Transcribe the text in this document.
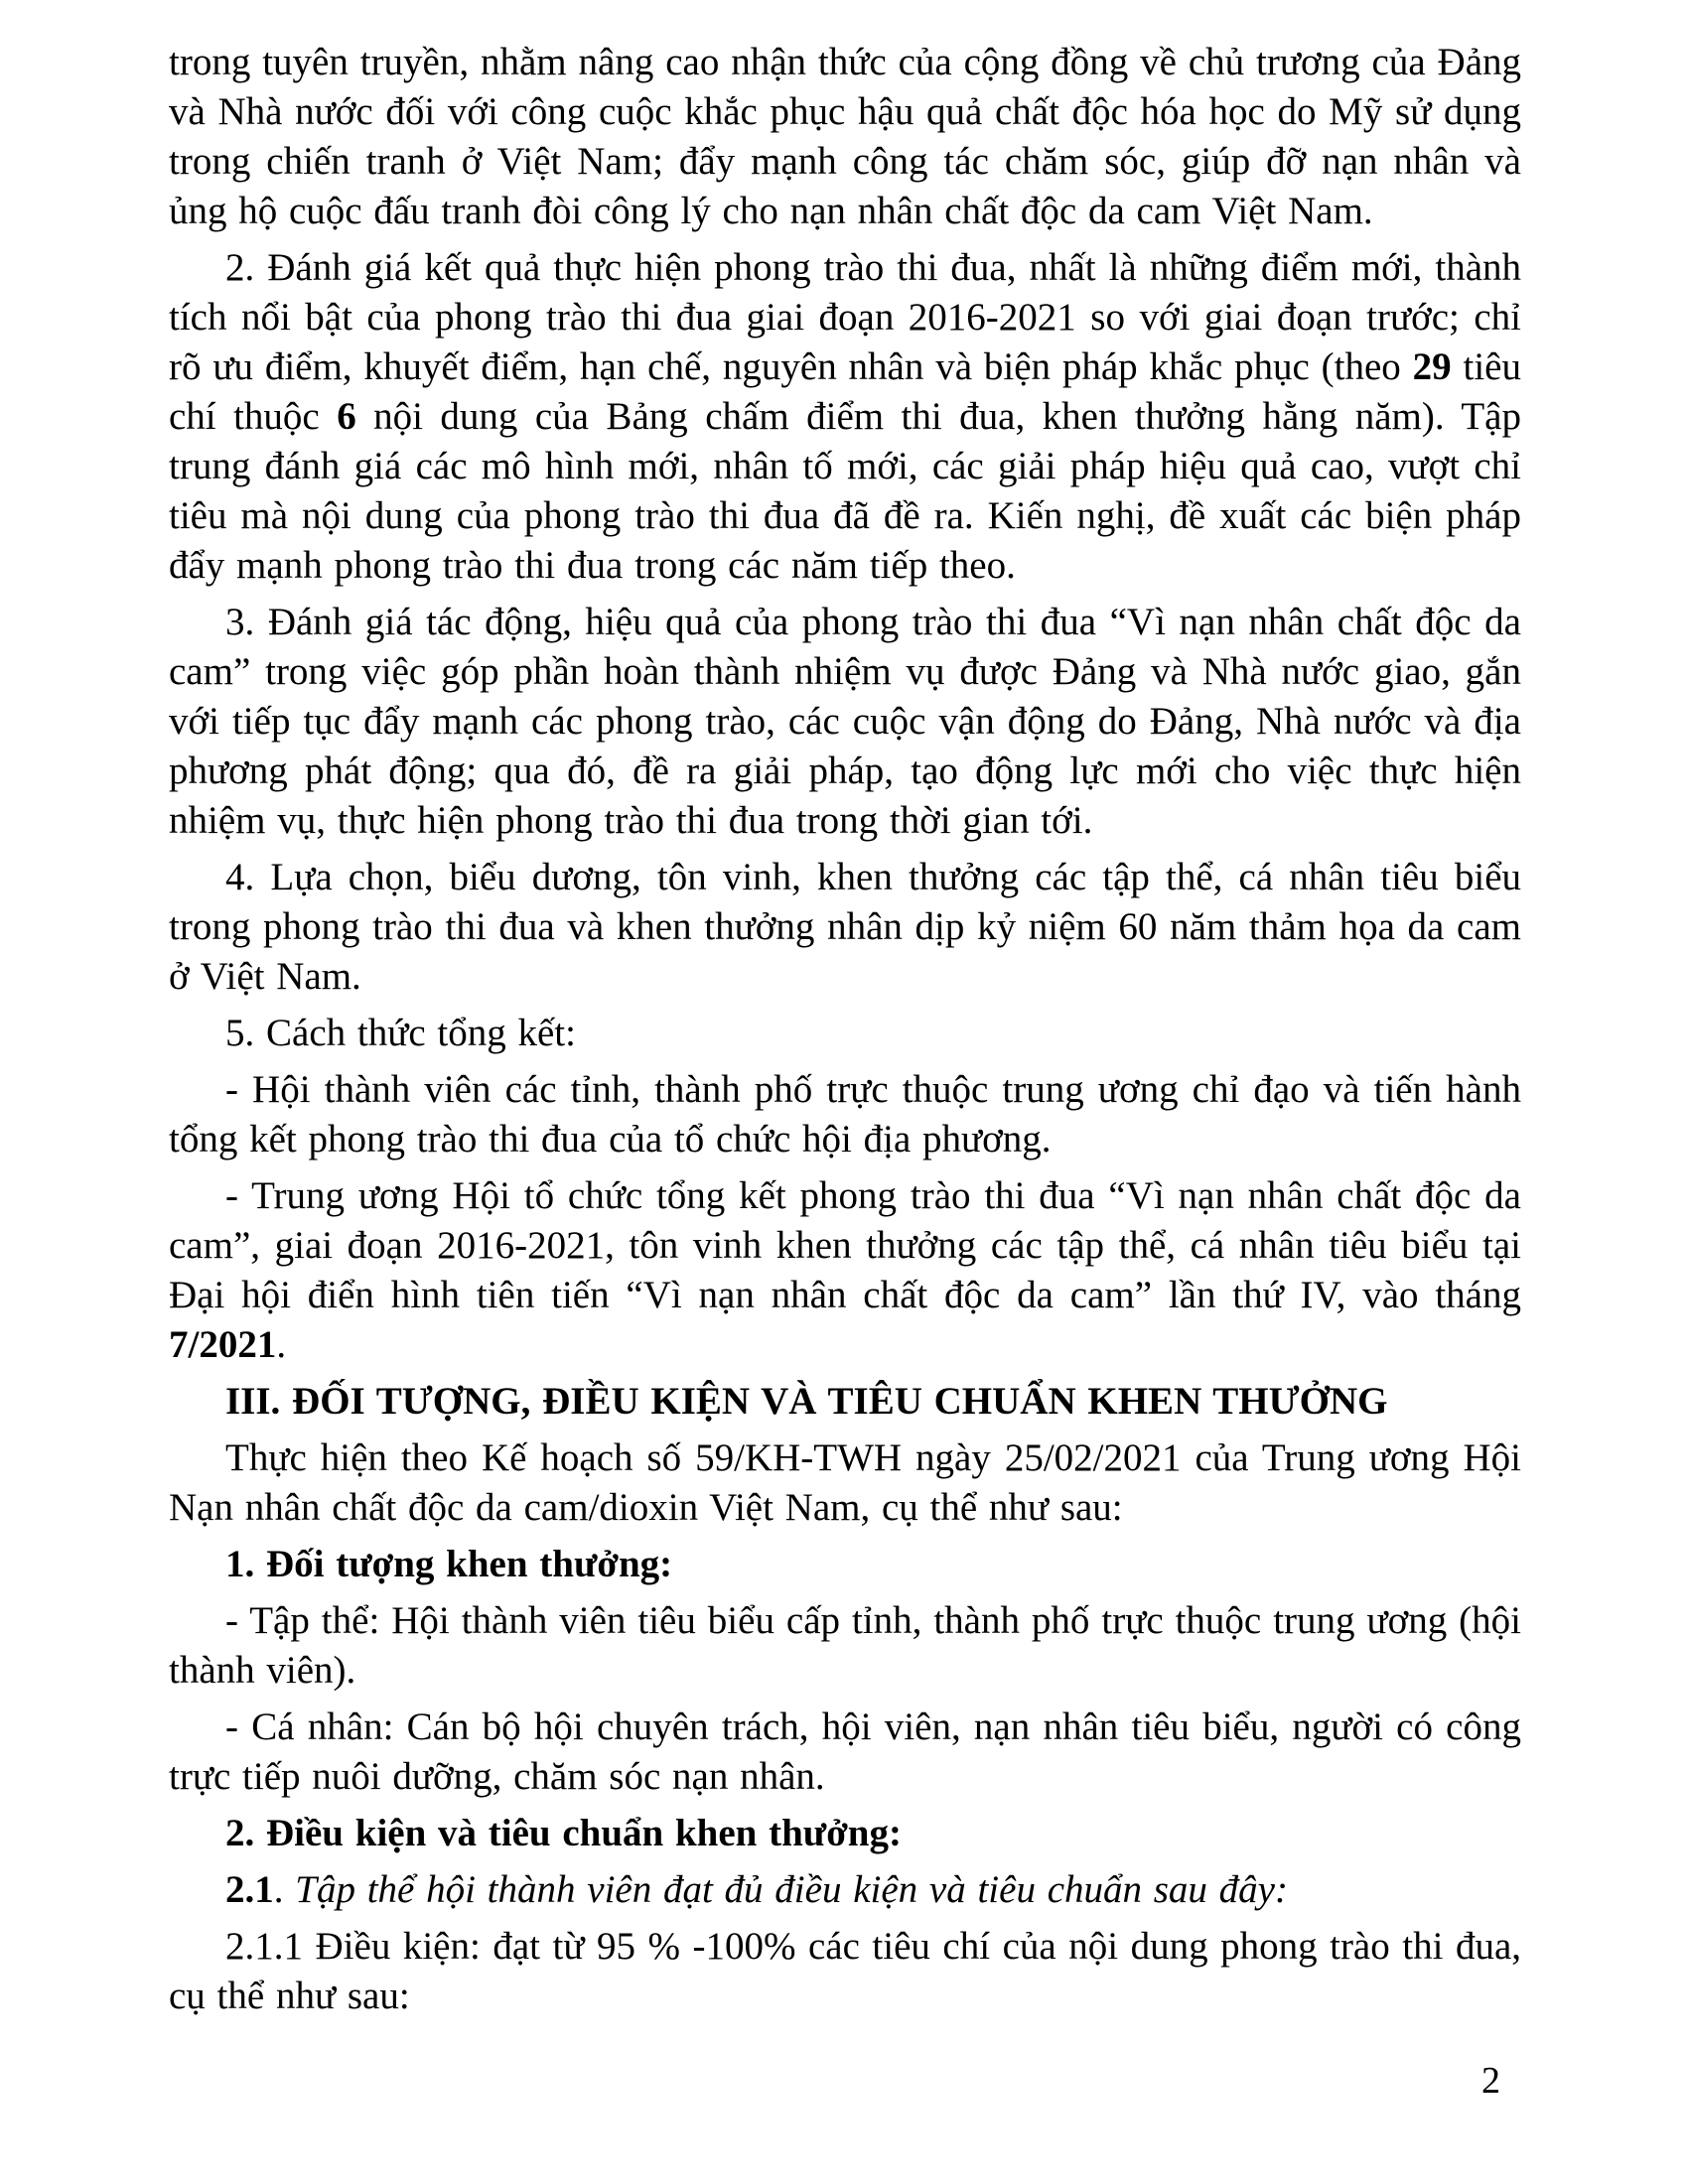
trong tuyên truyền, nhằm nâng cao nhận thức của cộng đồng về chủ trương của Đảng và Nhà nước đối với công cuộc khắc phục hậu quả chất độc hóa học do Mỹ sử dụng trong chiến tranh ở Việt Nam; đẩy mạnh công tác chăm sóc, giúp đỡ nạn nhân và ủng hộ cuộc đấu tranh đòi công lý cho nạn nhân chất độc da cam Việt Nam.

2. Đánh giá kết quả thực hiện phong trào thi đua, nhất là những điểm mới, thành tích nổi bật của phong trào thi đua giai đoạn 2016-2021 so với giai đoạn trước; chỉ rõ ưu điểm, khuyết điểm, hạn chế, nguyên nhân và biện pháp khắc phục (theo 29 tiêu chí thuộc 6 nội dung của Bảng chấm điểm thi đua, khen thưởng hằng năm). Tập trung đánh giá các mô hình mới, nhân tố mới, các giải pháp hiệu quả cao, vượt chỉ tiêu mà nội dung của phong trào thi đua đã đề ra. Kiến nghị, đề xuất các biện pháp đẩy mạnh phong trào thi đua trong các năm tiếp theo.

3. Đánh giá tác động, hiệu quả của phong trào thi đua “Vì nạn nhân chất độc da cam” trong việc góp phần hoàn thành nhiệm vụ được Đảng và Nhà nước giao, gắn với tiếp tục đẩy mạnh các phong trào, các cuộc vận động do Đảng, Nhà nước và địa phương phát động; qua đó, đề ra giải pháp, tạo động lực mới cho việc thực hiện nhiệm vụ, thực hiện phong trào thi đua trong thời gian tới.

4. Lựa chọn, biểu dương, tôn vinh, khen thưởng các tập thể, cá nhân tiêu biểu trong phong trào thi đua và khen thưởng nhân dịp kỷ niệm 60 năm thảm họa da cam ở Việt Nam.

5. Cách thức tổng kết:

- Hội thành viên các tỉnh, thành phố trực thuộc trung ương chỉ đạo và tiến hành tổng kết phong trào thi đua của tổ chức hội địa phương.

- Trung ương Hội tổ chức tổng kết phong trào thi đua “Vì nạn nhân chất độc da cam”, giai đoạn 2016-2021, tôn vinh khen thưởng các tập thể, cá nhân tiêu biểu tại Đại hội điển hình tiên tiến “Vì nạn nhân chất độc da cam” lần thứ IV, vào tháng 7/2021.

III. ĐỐI TƯỢNG, ĐIỀU KIỆN VÀ TIÊU CHUẨN KHEN THƯỞNG

Thực hiện theo Kế hoạch số 59/KH-TWH ngày 25/02/2021 của Trung ương Hội Nạn nhân chất độc da cam/dioxin Việt Nam, cụ thể như sau:

1. Đối tượng khen thưởng:

- Tập thể: Hội thành viên tiêu biểu cấp tỉnh, thành phố trực thuộc trung ương (hội thành viên).

- Cá nhân: Cán bộ hội chuyên trách, hội viên, nạn nhân tiêu biểu, người có công trực tiếp nuôi dưỡng, chăm sóc nạn nhân.

2. Điều kiện và tiêu chuẩn khen thưởng:

2.1. Tập thể hội thành viên đạt đủ điều kiện và tiêu chuẩn sau đây:

2.1.1 Điều kiện: đạt từ 95 % -100% các tiêu chí của nội dung phong trào thi đua, cụ thể như sau:

2
